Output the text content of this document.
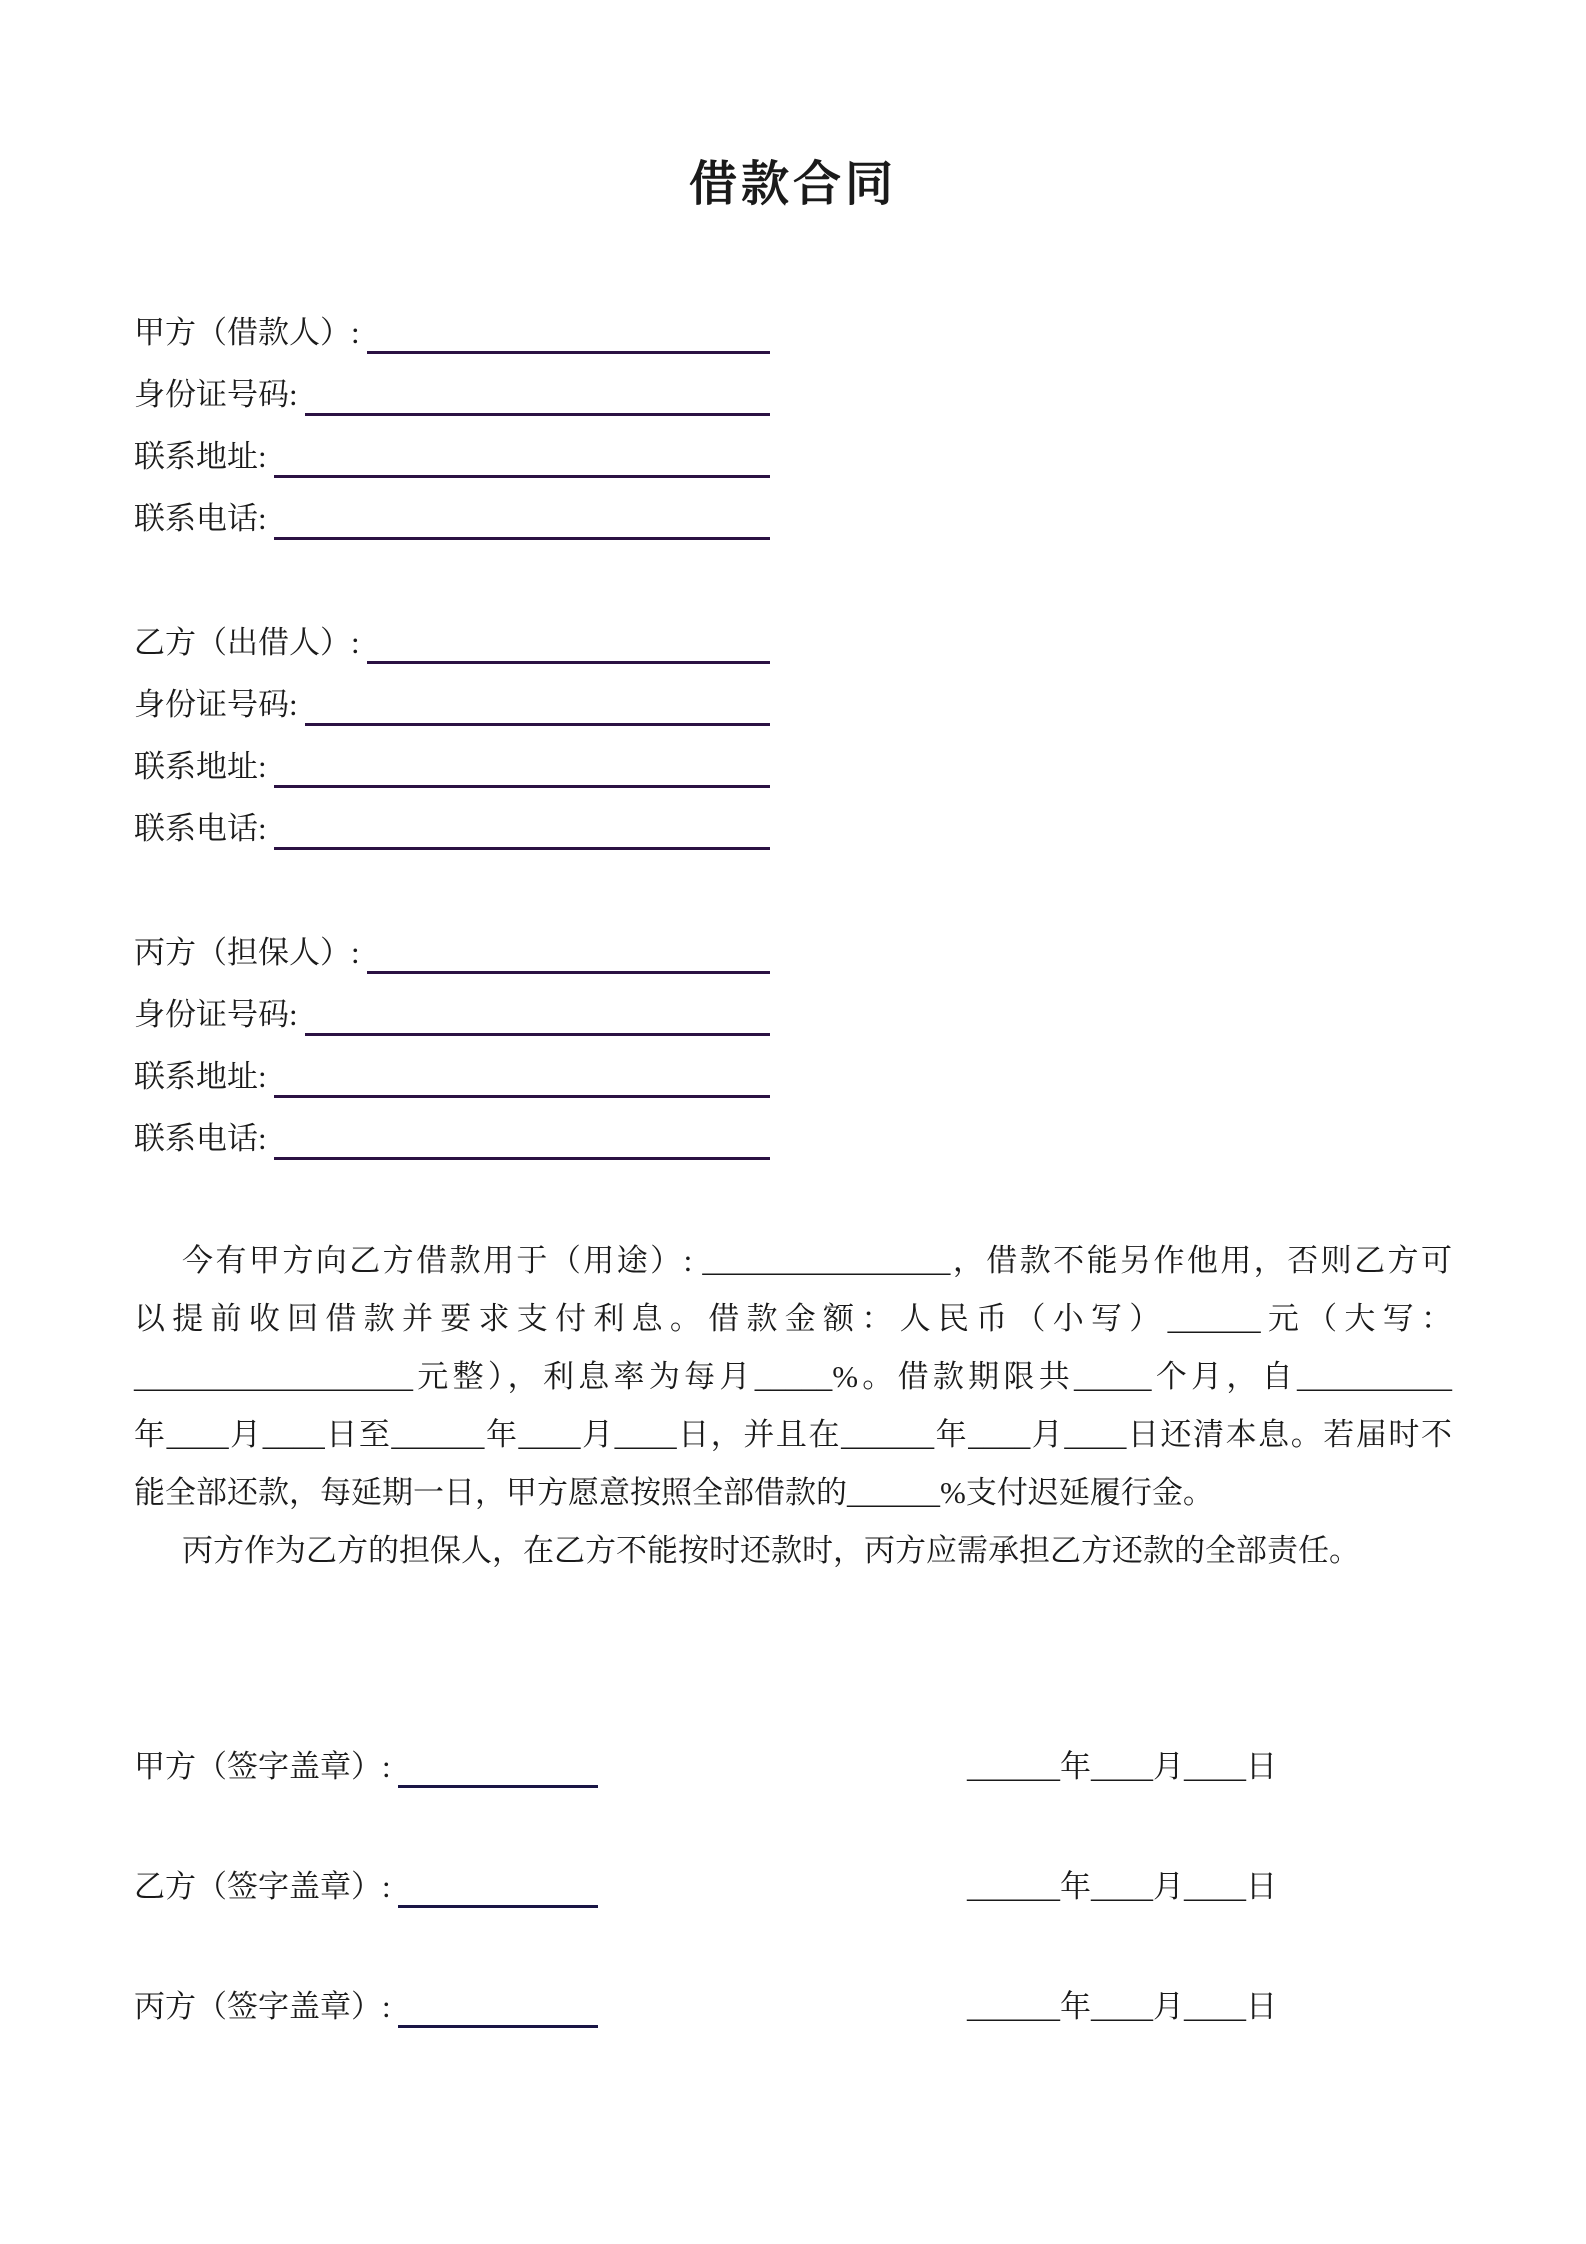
借款合同
甲方（借款人）:
身份证号码:
联系地址:
联系电话:
乙方（出借人）:
身份证号码:
联系地址:
联系电话:
丙方（担保人）:
身份证号码:
联系地址:
联系电话:
今有甲方向乙方借款用于（用途）: ________________，借款不能另作他用，否则乙方可
以提前收回借款并要求支付利息。借款金额：人民币（小写）______元（大写：
__________________元整），利息率为每月_____%。借款期限共_____个月，自__________
年____月____日至______年____月____日，并且在______年____月____日还清本息。若届时不
能全部还款，每延期一日，甲方愿意按照全部借款的______%支付迟延履行金。
丙方作为乙方的担保人，在乙方不能按时还款时，丙方应需承担乙方还款的全部责任。
甲方（签字盖章）:	______年____月____日
乙方（签字盖章）:	______年____月____日
丙方（签字盖章）:	______年____月____日
